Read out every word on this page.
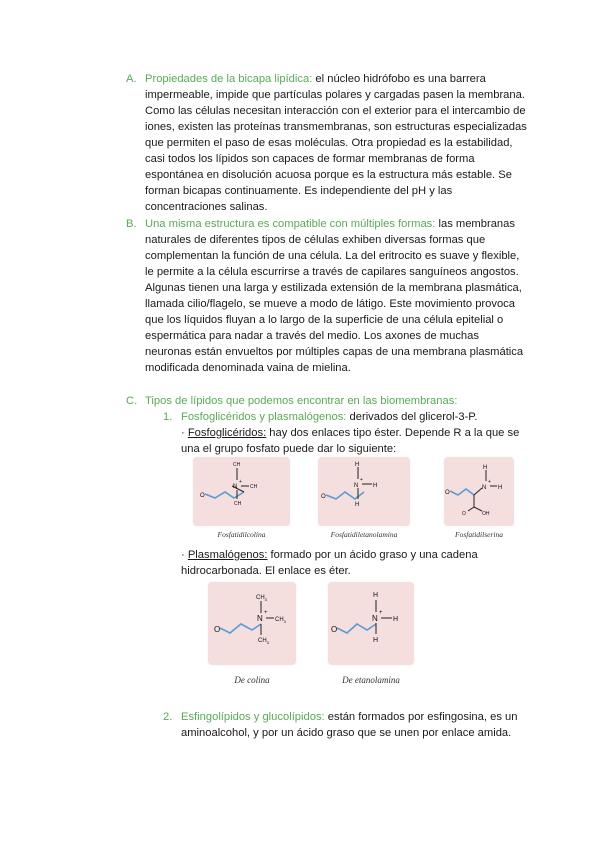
A. Propiedades de la bicapa lipídica: el núcleo hidrófobo es una barrera impermeable, impide que partículas polares y cargadas pasen la membrana. Como las células necesitan interacción con el exterior para el intercambio de iones, existen las proteínas transmembranas, son estructuras especializadas que permiten el paso de esas moléculas. Otra propiedad es la estabilidad, casi todos los lípidos son capaces de formar membranas de forma espontánea en disolución acuosa porque es la estructura más estable. Se forman bicapas continuamente. Es independiente del pH y las concentraciones salinas.
B. Una misma estructura es compatible con múltiples formas: las membranas naturales de diferentes tipos de células exhiben diversas formas que complementan la función de una célula. La del eritrocito es suave y flexible, le permite a la célula escurrirse a través de capilares sanguíneos angostos. Algunas tienen una larga y estilizada extensión de la membrana plasmática, llamada cilio/flagelo, se mueve a modo de látigo. Este movimiento provoca que los líquidos fluyan a lo largo de la superficie de una célula epitelial o espermática para nadar a través del medio. Los axones de muchas neuronas están envueltos por múltiples capas de una membrana plasmática modificada denominada vaina de mielina.
C. Tipos de lípidos que podemos encontrar en las biomembranas:
1. Fosfoglicéridos y plasmalógenos: derivados del glicerol-3-P.
· Fosfoglicéridos: hay dos enlaces tipo éster. Depende R a la que se una el grupo fosfato puede dar lo siguiente:
O
N
+
CH
CH
CH
Fosfatidilcolina
O
N
+
H
H
H
Fosfatidiletanolamina
O
N
+
H
H
O	OH
Fosfatidilserina
· Plasmalógenos: formado por un ácido graso y una cadena hidrocarbonada. El enlace es éter.
O
N
+
$CH_3$
$CH_3$
$CH_3$
De colina
O
N
+
H
H
H
De etanolamina
2. Esfingolípidos y glucolípidos: están formados por esfingosina, es un aminoalcohol, y por un ácido graso que se unen por enlace amida.
